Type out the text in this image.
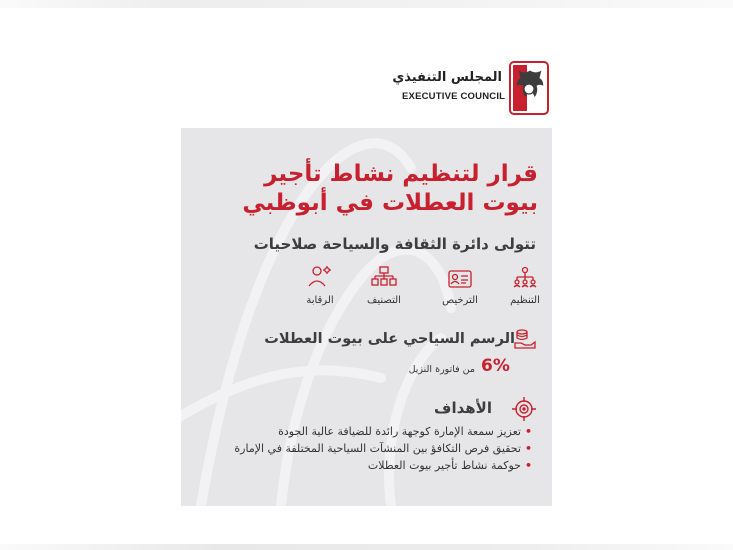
المجلس التنفيذي
EXECUTIVE COUNCIL
قرار لتنظيم نشاط تأجير
بيوت العطلات في أبوظبي
تتولى دائرة الثقافة والسياحة صلاحيات
التنظيم
الترخيص
التصنيف
الرقابة
الرسم السياحي على بيوت العطلات
6%
من فاتورة النزيل
الأهداف
•تعزيز سمعة الإمارة كوجهة رائدة للضيافة عالية الجودة
•تحقيق فرص التكافؤ بين المنشآت السياحية المختلفة في الإمارة
•حوكمة نشاط تأجير بيوت العطلات
